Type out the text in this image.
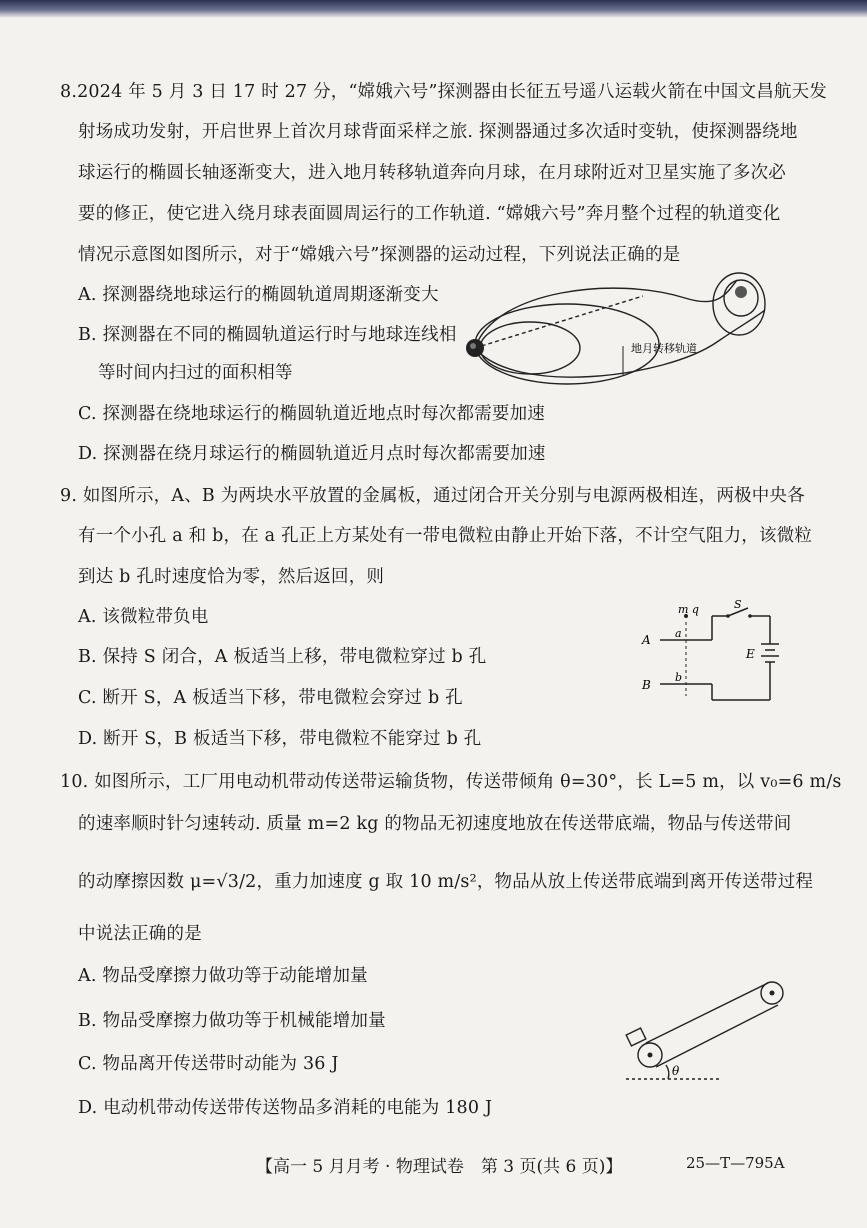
8.2024 年 5 月 3 日 17 时 27 分，“嫦娥六号”探测器由长征五号遥八运载火箭在中国文昌航天发
射场成功发射，开启世界上首次月球背面采样之旅. 探测器通过多次适时变轨，使探测器绕地
球运行的椭圆长轴逐渐变大，进入地月转移轨道奔向月球，在月球附近对卫星实施了多次必
要的修正，使它进入绕月球表面圆周运行的工作轨道. “嫦娥六号”奔月整个过程的轨道变化
情况示意图如图所示，对于“嫦娥六号”探测器的运动过程，下列说法正确的是
A. 探测器绕地球运行的椭圆轨道周期逐渐变大
B. 探测器在不同的椭圆轨道运行时与地球连线相
等时间内扫过的面积相等
C. 探测器在绕地球运行的椭圆轨道近地点时每次都需要加速
D. 探测器在绕月球运行的椭圆轨道近月点时每次都需要加速
地月转移轨道
9. 如图所示，A、B 为两块水平放置的金属板，通过闭合开关分别与电源两极相连，两极中央各
有一个小孔 a 和 b，在 a 孔正上方某处有一带电微粒由静止开始下落，不计空气阻力，该微粒
到达 b 孔时速度恰为零，然后返回，则
A. 该微粒带负电
B. 保持 S 闭合，A 板适当上移，带电微粒穿过 b 孔
C. 断开 S，A 板适当下移，带电微粒会穿过 b 孔
D. 断开 S，B 板适当下移，带电微粒不能穿过 b 孔
m q	S
A a
B
b
E
10. 如图所示，工厂用电动机带动传送带运输货物，传送带倾角 θ=30°，长 L=5 m，以 v₀=6 m/s
的速率顺时针匀速转动. 质量 m=2 kg 的物品无初速度地放在传送带底端，物品与传送带间
的动摩擦因数 μ=√3/2，重力加速度 g 取 10 m/s²，物品从放上传送带底端到离开传送带过程
中说法正确的是
A. 物品受摩擦力做功等于动能增加量
B. 物品受摩擦力做功等于机械能增加量
C. 物品离开传送带时动能为 36 J
D. 电动机带动传送带传送物品多消耗的电能为 180 J
θ
【高一 5 月月考 · 物理试卷　第 3 页(共 6 页)】	25—T—795A
